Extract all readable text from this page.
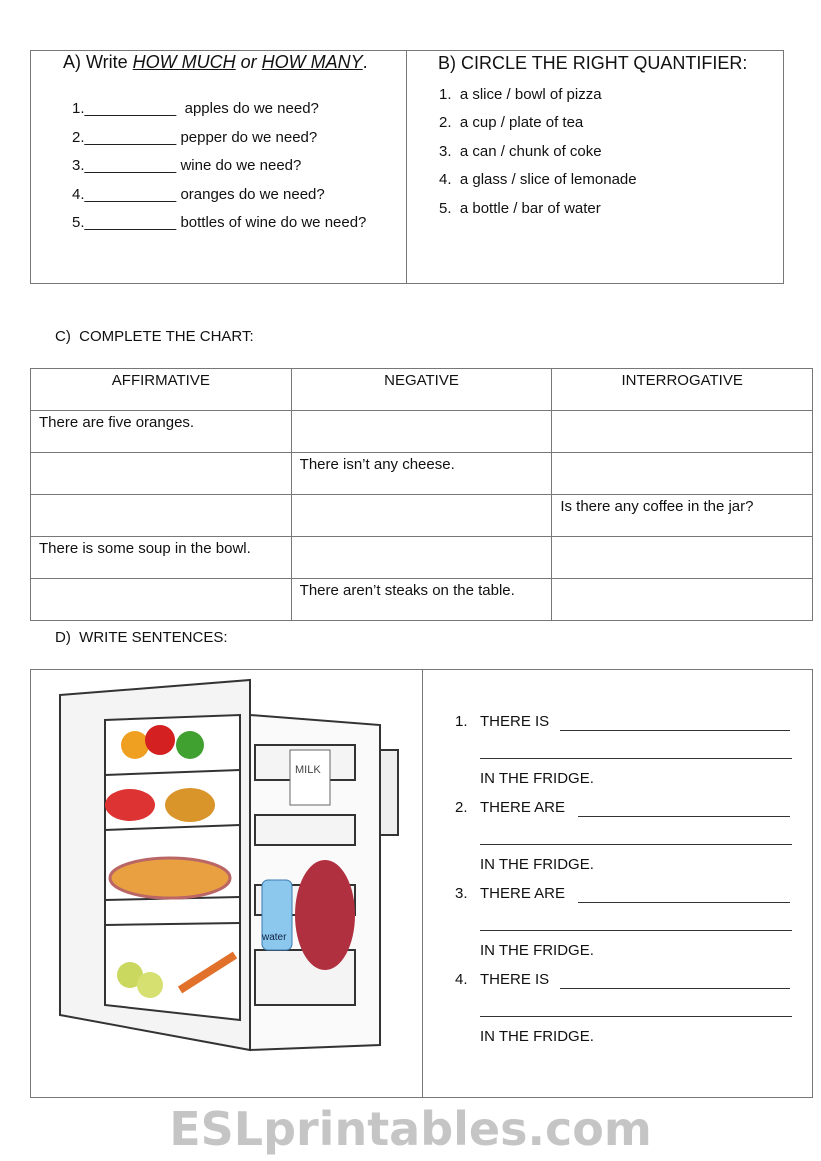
A) Write HOW MUCH or HOW MANY.
1.___________  apples do we need?
2.___________ pepper do we need?
3.___________ wine do we need?
4.___________ oranges do we need?
5.___________ bottles of wine do we need?
B) CIRCLE THE RIGHT QUANTIFIER:
1.  a slice / bowl of pizza
2.  a cup / plate of tea
3.  a can / chunk of coke
4.  a glass / slice of lemonade
5.  a bottle / bar of water
C)  COMPLETE THE CHART:
AFFIRMATIVE	NEGATIVE	INTERROGATIVE
There are five oranges.		
	There isn’t any cheese.	
		Is there any coffee in the jar?
There is some soup in the bowl.		
	There aren’t steaks on the table.	
D)  WRITE SENTENCES:
MILK
water
1. THERE IS
IN THE FRIDGE.
2. THERE ARE
IN THE FRIDGE.
3. THERE ARE
IN THE FRIDGE.
4. THERE IS
IN THE FRIDGE.
ESLprintables.com
